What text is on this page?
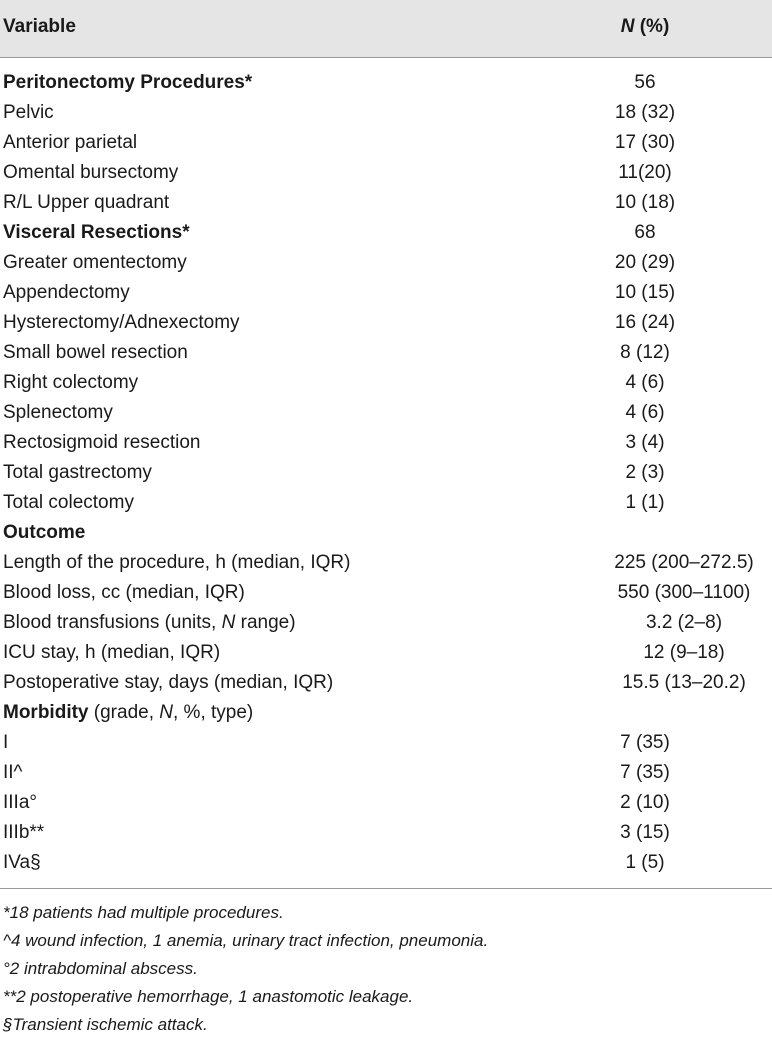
Variable	N (%)
Peritonectomy Procedures*	56
Pelvic	18 (32)
Anterior parietal	17 (30)
Omental bursectomy	11(20)
R/L Upper quadrant	10 (18)
Visceral Resections*	68
Greater omentectomy	20 (29)
Appendectomy	10 (15)
Hysterectomy/Adnexectomy	16 (24)
Small bowel resection	8 (12)
Right colectomy	4 (6)
Splenectomy	4 (6)
Rectosigmoid resection	3 (4)
Total gastrectomy	2 (3)
Total colectomy	1 (1)
Outcome
Length of the procedure, h (median, IQR)	225 (200–272.5)
Blood loss, cc (median, IQR)	550 (300–1100)
Blood transfusions (units, N range)	3.2 (2–8)
ICU stay, h (median, IQR)	12 (9–18)
Postoperative stay, days (median, IQR)	15.5 (13–20.2)
Morbidity (grade, N, %, type)
I	7 (35)
II^	7 (35)
IIIa°	2 (10)
IIIb**	3 (15)
IVa§	1 (5)
*18 patients had multiple procedures.
^4 wound infection, 1 anemia, urinary tract infection, pneumonia.
°2 intrabdominal abscess.
**2 postoperative hemorrhage, 1 anastomotic leakage.
§Transient ischemic attack.
